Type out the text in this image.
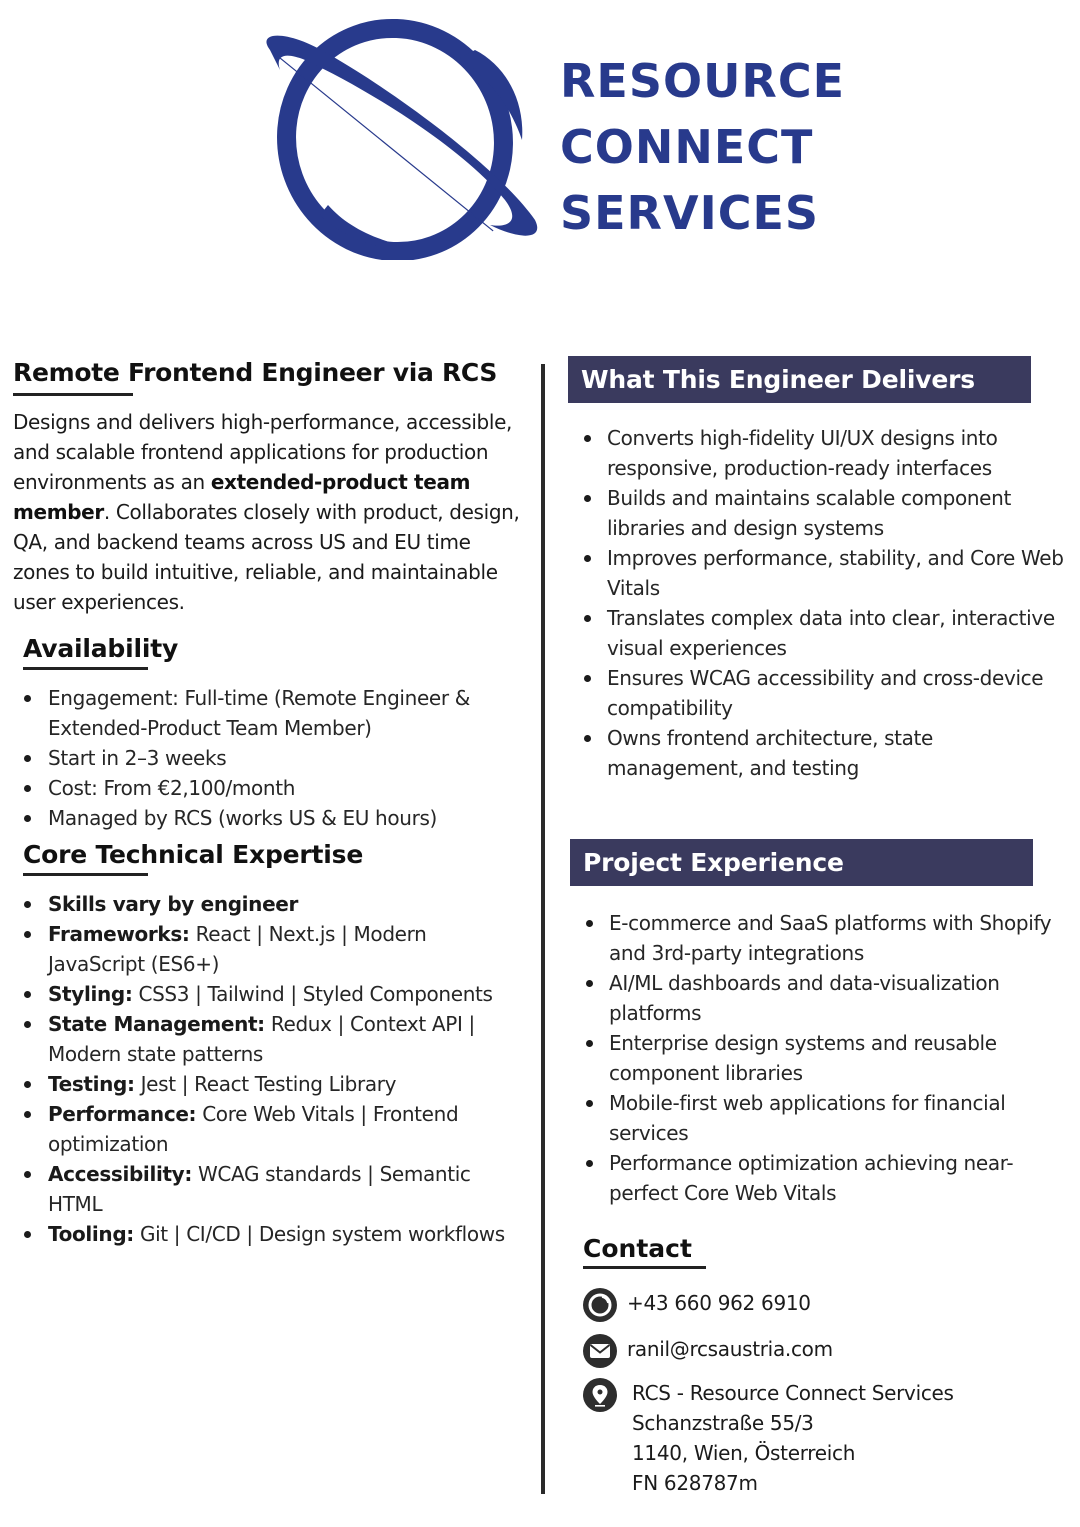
RESOURCE
CONNECT
SERVICES
Remote Frontend Engineer via RCS

Designs and delivers high-performance, accessible, and scalable frontend applications for production environments as an extended-product team member. Collaborates closely with product, design, QA, and backend teams across US and EU time zones to build intuitive, reliable, and maintainable user experiences.

Availability
Engagement: Full-time (Remote Engineer & Extended-Product Team Member)
Start in 2–3 weeks
Cost: From €2,100/month
Managed by RCS (works US & EU hours)
Core Technical Expertise
Skills vary by engineer
Frameworks: React | Next.js | Modern JavaScript (ES6+)
Styling: CSS3 | Tailwind | Styled Components
State Management: Redux | Context API | Modern state patterns
Testing: Jest | React Testing Library
Performance: Core Web Vitals | Frontend optimization
Accessibility: WCAG standards | Semantic HTML
Tooling: Git | CI/CD | Design system workflows
What This Engineer Delivers
Converts high-fidelity UI/UX designs into responsive, production-ready interfaces
Builds and maintains scalable component libraries and design systems
Improves performance, stability, and Core Web Vitals
Translates complex data into clear, interactive visual experiences
Ensures WCAG accessibility and cross-device compatibility
Owns frontend architecture, state management, and testing
Project Experience
E-commerce and SaaS platforms with Shopify and 3rd-party integrations
AI/ML dashboards and data-visualization platforms
Enterprise design systems and reusable component libraries
Mobile-first web applications for financial services
Performance optimization achieving near-perfect Core Web Vitals
Contact
+43 660 962 6910
ranil@rcsaustria.com
RCS - Resource Connect Services
Schanzstraße 55/3
1140, Wien, Österreich
FN 628787m
